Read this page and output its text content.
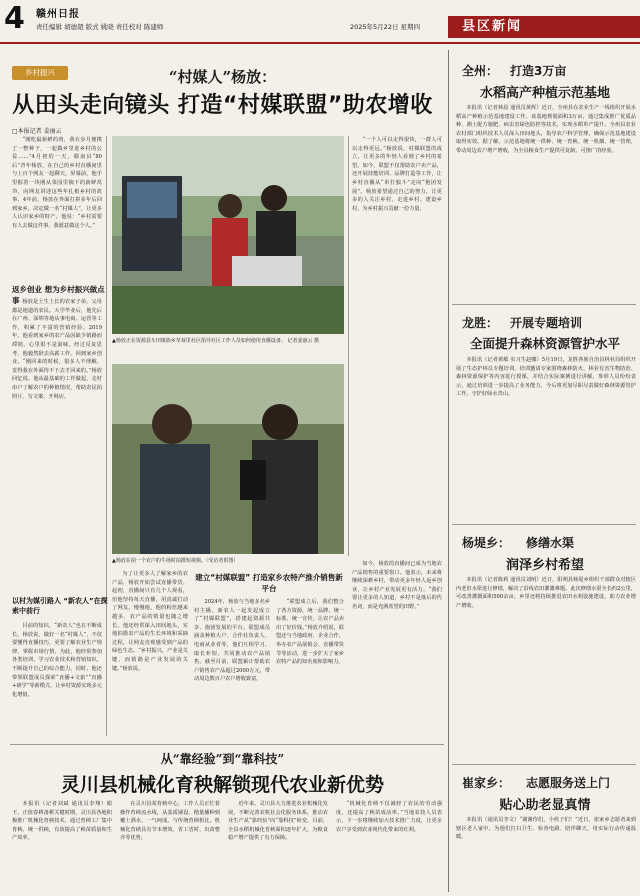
4 赣州日报
责任编辑 胡德超 版式 姚晓 责任校对 陈建师	2025年5月22日 星期四	县区新闻
乡村振兴	“村媒人”杨放：
从田头走向镜头 打造“村媒联盟”助农增收
□本报记者 姜丽云
“刚吃最新鲜的肉，我在步月便携了一整种子，一起做乡里进乡村的公益……”4月初的一天，赣南县“80后”青年杨放，在自己的乡村直播间里与上百个网友一起聊天。屏幕前，他手里握着一块刚从菜园里摘下的新鲜莴笋，向网友讲述这些年扎根乡村的故事。4年前，杨放在外面打拼多年后回到家乡，决定做一名“村媒人”，让更多人认识家乡的特产。他说：“乡村需要有人去做这件事，我愿意做这个人。”
返乡创业 想为乡村振兴做点事 杨放是土生土长的农家子弟，父母都是地道的农民。大学毕业后，他先后在广州、深圳等地从事电商、运营等工作，积累了丰富的营销经验。2019年，他看到家乡的农产品因缺少销路而滞销，心里很不是滋味。经过反复思考，他毅然辞去高薪工作，回到家乡创业。“刚回来的时候，很多人不理解，觉得我在外面待不下去才回来的。”杨放回忆说。他从最基础的工作做起，走村串户了解农户的种植情况，帮助农民拍照片、写文案、开网店。
▲杨放正在资源县车田镇族乡草莓里社区指导社区工作人员如何使用直播设备。 记者姜丽云 摄
▲杨放在拍一个农户的牛场时拍摄短视频。（受访者供图）
“一个人可以走得很快，一群人可以走得更远。”杨放说，村媒联盟的成立，让更多的年轻人看到了乡村的希望。如今，联盟不仅帮助农户卖产品，还开展技能培训、品牌打造等工作，让乡村直播从“单打独斗”走向“抱团发展”。杨放希望通过自己的努力，让更多的人关注乡村、走进乡村、建设乡村，为乡村振兴贡献一份力量。
为了让更多人了解家乡的农产品，杨放开始尝试直播带货。起初，直播间只有几个人观看，但他坚持每天直播，用真诚打动了网友。慢慢地，他的粉丝越来越多，农产品的销量也随之增长。他还经常深入田间地头，实地拍摄农产品的生长环境和采摘过程，让网友直观感受到产品的绿色生态。“乡村振兴，产业是关键，而销路是产业发展的关键。”杨放说。
建立“村媒联盟” 打造家乡农特产推介销售新平台
2024年，杨放与当地多名乡村主播、新农人一起发起成立了“村媒联盟”，搭建起资源共享、抱团发展的平台。联盟成员涵盖种植大户、合作社负责人、电商从业者等，他们互相学习、取长补短，共同推动农产品销售。截至目前，联盟累计帮助农户销售农产品超过2000万元，带动周边数百户农户增收致富。
“联盟成立后，我们整合了各方资源，统一品牌、统一标准、统一宣传，让农产品卖出了好价钱。”杨放介绍说，联盟还与当地政府、企业合作，举办农产品展销会、直播带货节等活动，进一步扩大了家乡农特产品的知名度和影响力。
如今，杨放的直播间已成为当地农产品销售的重要窗口。他表示，未来将继续深耕乡村，带动更多年轻人返乡创业，让乡村产业发展更有活力。“我们要让更多的人知道，乡村不是落后的代名词，而是充满希望的田野。”
以村为媒引路人 “新农人”在探索中前行
目前的知识，“新农人”也在不断成长。杨放说，做好一名“村媒人”，不仅要懂得直播技巧，更要了解农业生产规律、掌握市场行情。为此，他经常参加各类培训，学习农业技术和营销知识，不断提升自己的综合能力。同时，他还带领联盟成员探索“直播+文旅”“直播+研学”等新模式，让乡村资源实现多元化增值。
从“靠经验”到“靠科技”
灵川县机械化育秧解锁现代农业新优势
本报讯（记者刘斌 通讯员李翔）眼下，正值春耕备耕关键时期，灵川县各地积极推广机械化育秧技术，通过育秧工厂集中育秧、统一供秧，有效提高了秧苗质量和生产效率。
在灵川县某育秧中心，工作人员正忙着操作育秧流水线，从基质铺设、精量播种到覆土洒水，一气呵成。与传统育秧相比，机械化育秧具有节本增效、省工省时、出苗整齐等优势。
近年来，灵川县大力推进农业机械化发展，不断完善农机社会化服务体系，推动农业生产从“靠经验”向“靠科技”转变。目前，全县水稻机械化育秧面积逐年扩大，为粮食稳产增产提供了有力保障。
“机械化育秧不仅减轻了农民的劳动强度，还提高了秧苗成活率。”当地农技人员表示，下一步将继续加大技术推广力度，让更多农户享受到农业现代化带来的红利。
全州： 打造3万亩
水稻高产种植示范基地
本报讯（记者林晨 通讯员黄辉）近日，全州县在农业生产一线组织开展水稻高产种植示范基地建设工作。该基地规划面积3万亩，通过集成推广优质品种、测土配方施肥、病虫害绿色防控等技术，实现水稻单产提升。全州县农业农村部门组织技术人员深入田间地头，指导农户科学管理，确保示范基地建设取得实效。据了解，示范基地将统一供种、统一育秧、统一机插、统一管理，带动周边农户增产增收，为全县粮食生产提供可复制、可推广的经验。
龙胜： 开展专题培训
全面提升森林资源管护水平
本报讯（记者黄敏 实习生赵娜）5月19日，龙胜各族自治县林业局组织开展了生态护林员专题培训。培训邀请专家围绕森林防火、林业有害生物防治、森林资源保护等内容进行授课，并结合实际案例进行讲解。参训人员纷纷表示，通过培训进一步提高了业务能力，今后将更加尽职尽责做好森林资源管护工作，守护好绿水青山。
杨堤乡： 修缮水渠
润泽乡村希望
本报讯（记者陈莉 通讯员刘明）近日，阳朔县杨堤乡组织干部群众对辖区内老旧水渠进行修缮，解决了沿线农田灌溉难题。此次修缮水渠全长约2公里，可改善灌溉面积500余亩。乡里还将持续推进农田水利设施建设，助力农业增产增收。
崔家乡： 志愿服务送上门
贴心助老显真情
本报讯（通讯员李文）“谢谢你们，小伙子们！”近日，崔家乡志愿者来到辖区老人家中，为他们打扫卫生、检查电路、陪伴聊天，用实际行动传递温暖。
